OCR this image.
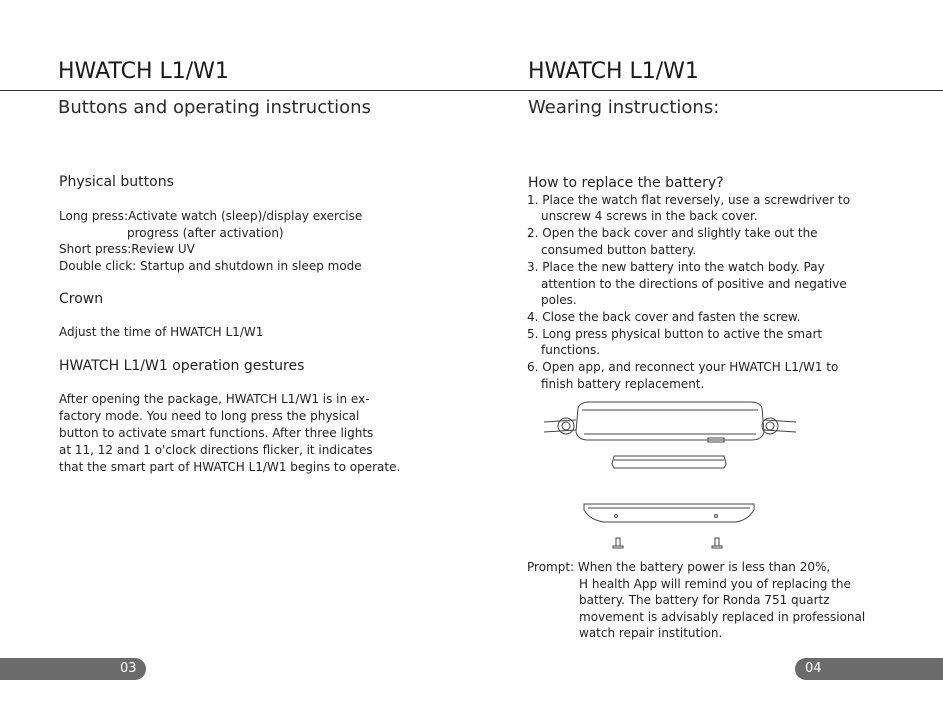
HWATCH L1/W1	HWATCH L1/W1
Buttons and operating instructions	Wearing instructions:
Physical buttons
Long press:Activate watch (sleep)/display exercise
progress (after activation)
Short press:Review UV
Double click: Startup and shutdown in sleep mode
Crown
Adjust the time of HWATCH L1/W1
HWATCH L1/W1 operation gestures
After opening the package, HWATCH L1/W1 is in ex-
factory mode. You need to long press the physical
button to activate smart functions. After three lights
at 11, 12 and 1 o'clock directions flicker, it indicates
that the smart part of HWATCH L1/W1 begins to operate.
How to replace the battery?
1. Place the watch flat reversely, use a screwdriver to
unscrew 4 screws in the back cover.
2. Open the back cover and slightly take out the
consumed button battery.
3. Place the new battery into the watch body. Pay
attention to the directions of positive and negative
poles.
4. Close the back cover and fasten the screw.
5. Long press physical button to active the smart
functions.
6. Open app, and reconnect your HWATCH L1/W1 to
finish battery replacement.
Prompt: When the battery power is less than 20%,
H health App will remind you of replacing the
battery. The battery for Ronda 751 quartz
movement is advisably replaced in professional
watch repair institution.
03	04
